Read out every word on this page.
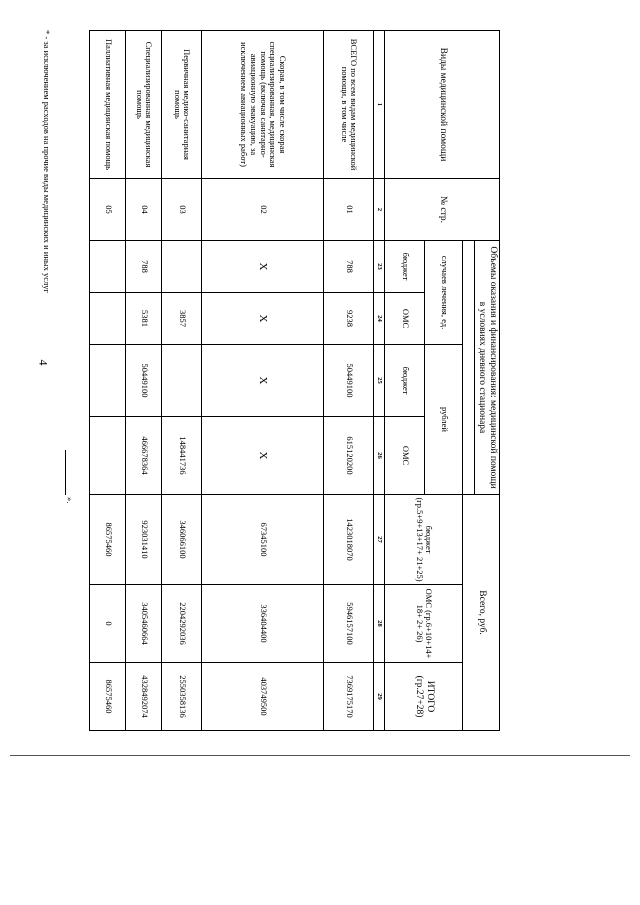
4
Виды медицинской помощи	№ стр.	Объемы оказания и финансирования: медицинской помощи в условиях дневного стационара				Всего, руб.		

		случаев лечения, ед.		рублей		бюджет (гр.5+9+13+17+ 21+25)	ОМС (гр.6+10+14+ 18+ 2+ 26)	ИТОГО (гр.27+28)
		бюджет	ОМС	бюджет	ОМС			
1	2	23	24	25	26	27	28	29
ВСЕГО по всем видам медицинской помощи, в том числе	01	788	9238	50449100	615120200	1423018070	5946157100	7369175170
Скорая, в том числе скорая специализированная, медицинская помощь (включая санитарно-авиационную эвакуацию, за исключением авиационных работ)	02	X	X	X	X	67345100	336404400	403749500
Первичная медико-санитарная помощь	03		3857		148441736	346066100	2204292036	2550358136
Специализированная медицинская помощь	04	788	5381	50449100	466678364	923031410	3405460664	4328492074
Паллиативная медицинская помощь	05					86575460	0	86575460
».
* - за исключением расходов на прочие виды медицинских и иных услуг
